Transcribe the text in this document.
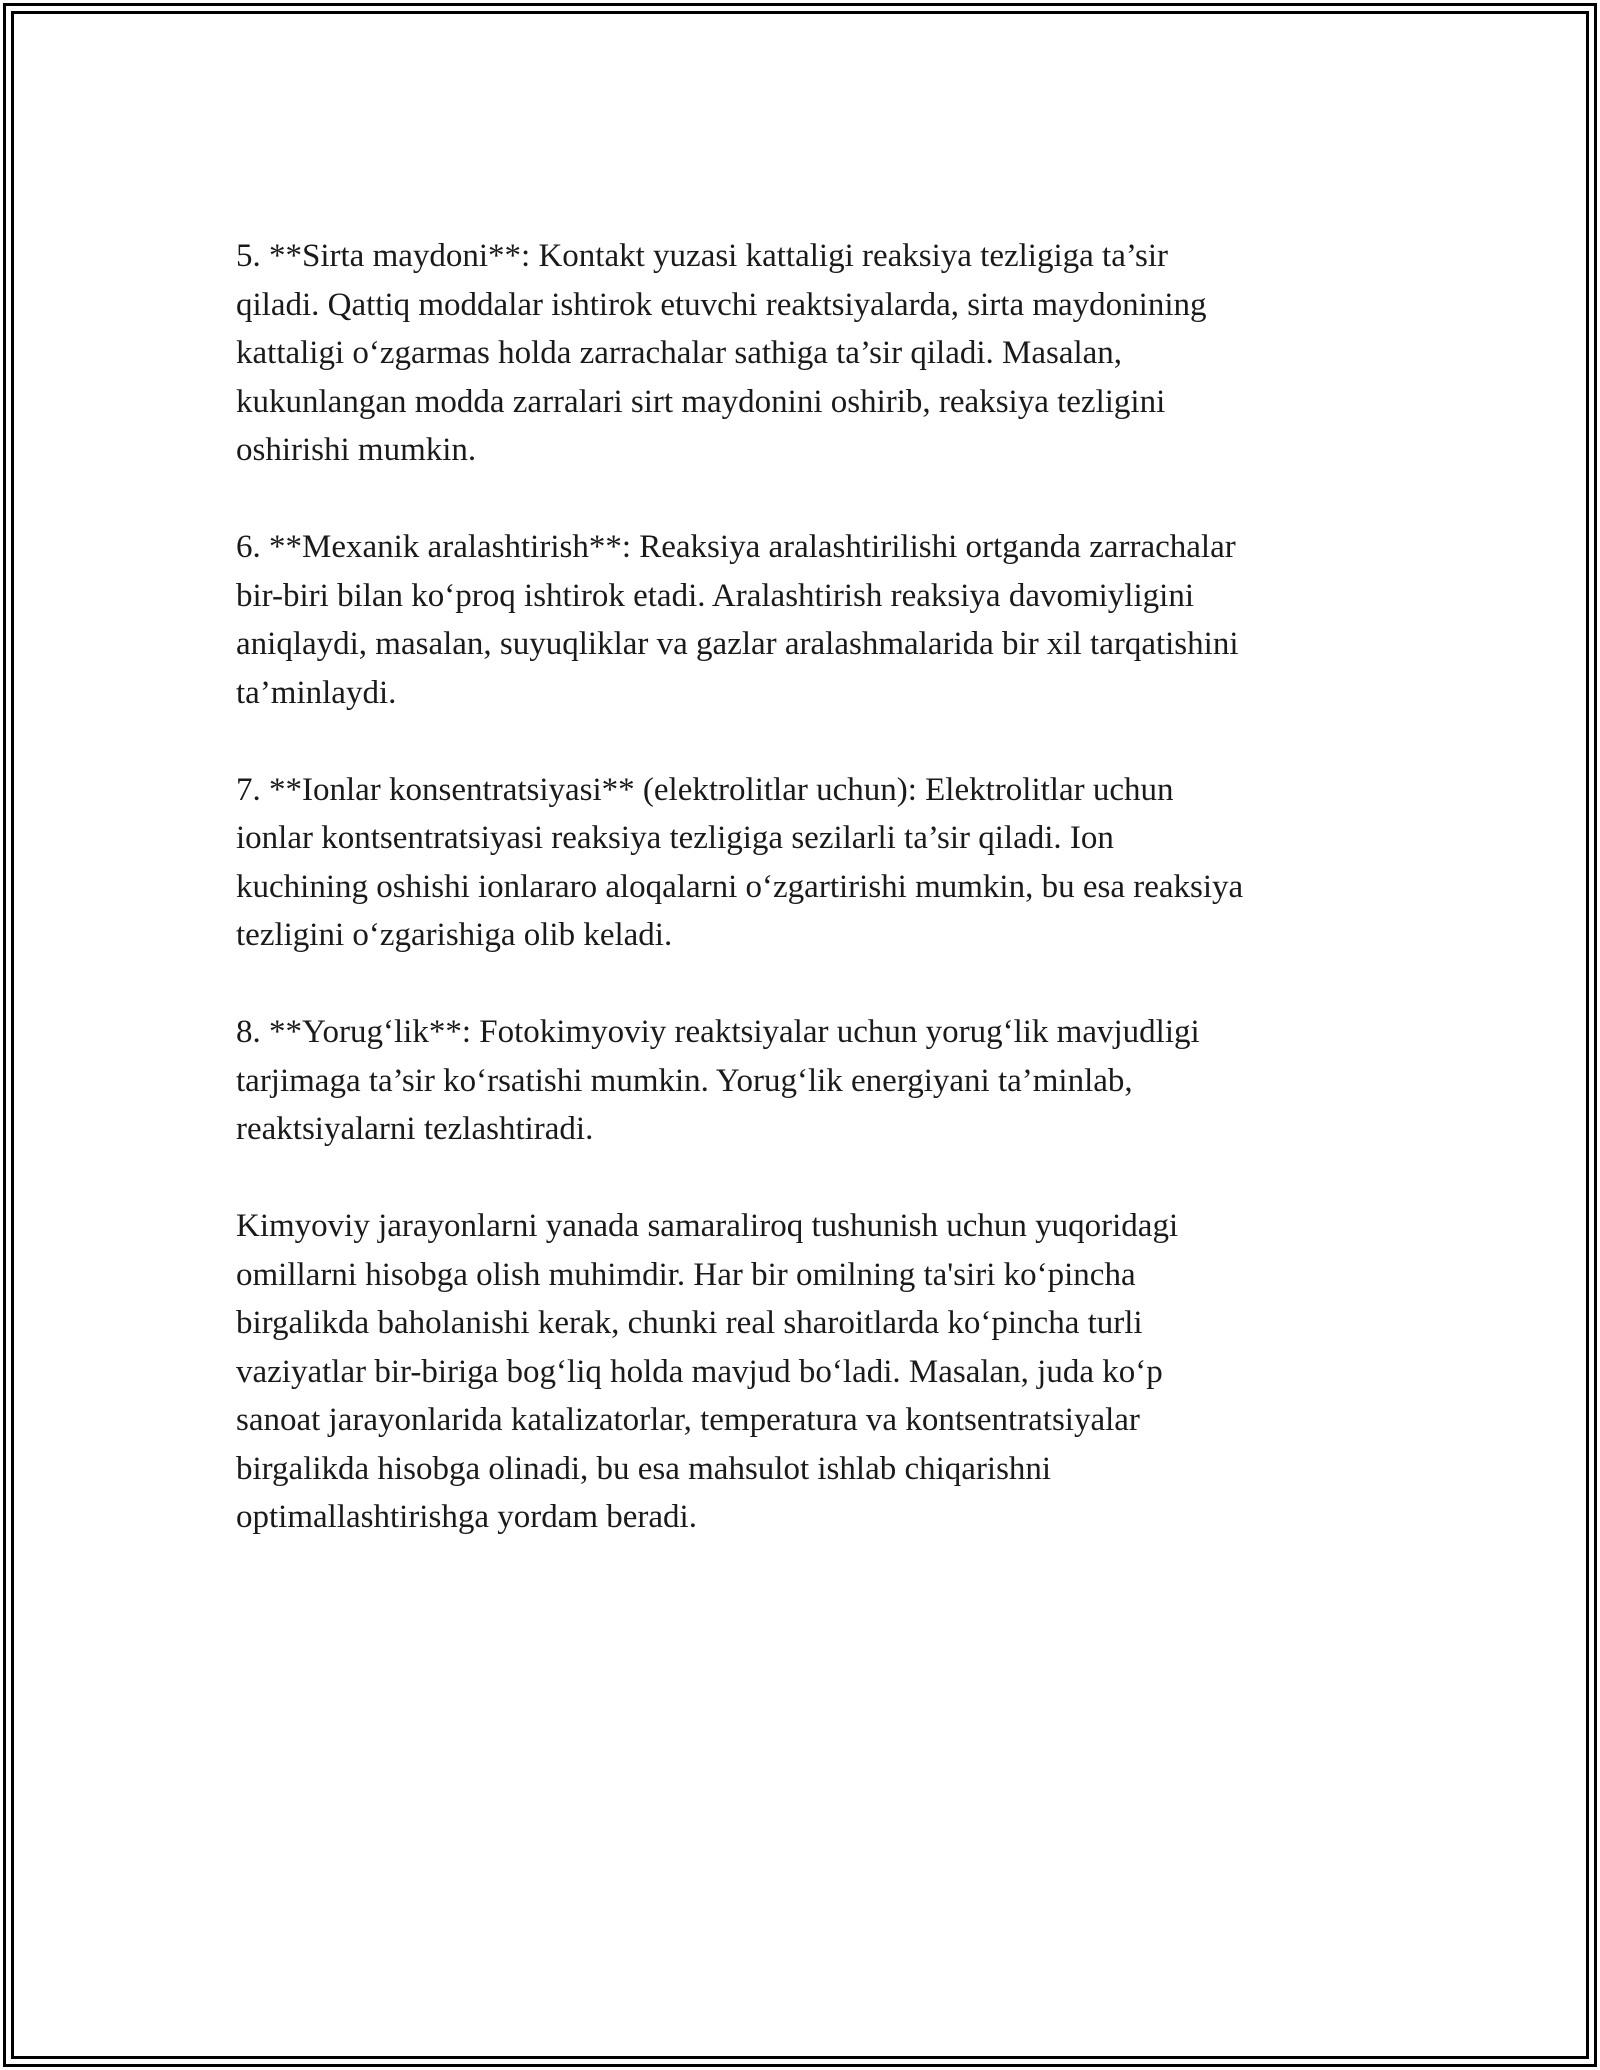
5. **Sirta maydoni**: Kontakt yuzasi kattaligi reaksiya tezligiga ta’sir
qiladi. Qattiq moddalar ishtirok etuvchi reaktsiyalarda, sirta maydonining
kattaligi o‘zgarmas holda zarrachalar sathiga ta’sir qiladi. Masalan,
kukunlangan modda zarralari sirt maydonini oshirib, reaksiya tezligini
oshirishi mumkin.

6. **Mexanik aralashtirish**: Reaksiya aralashtirilishi ortganda zarrachalar
bir-biri bilan ko‘proq ishtirok etadi. Aralashtirish reaksiya davomiyligini
aniqlaydi, masalan, suyuqliklar va gazlar aralashmalarida bir xil tarqatishini
ta’minlaydi.

7. **Ionlar konsentratsiyasi** (elektrolitlar uchun): Elektrolitlar uchun
ionlar kontsentratsiyasi reaksiya tezligiga sezilarli ta’sir qiladi. Ion
kuchining oshishi ionlararo aloqalarni o‘zgartirishi mumkin, bu esa reaksiya
tezligini o‘zgarishiga olib keladi.

8. **Yorug‘lik**: Fotokimyoviy reaktsiyalar uchun yorug‘lik mavjudligi
tarjimaga ta’sir ko‘rsatishi mumkin. Yorug‘lik energiyani ta’minlab,
reaktsiyalarni tezlashtiradi.

Kimyoviy jarayonlarni yanada samaraliroq tushunish uchun yuqoridagi
omillarni hisobga olish muhimdir. Har bir omilning ta'siri ko‘pincha
birgalikda baholanishi kerak, chunki real sharoitlarda ko‘pincha turli
vaziyatlar bir-biriga bog‘liq holda mavjud bo‘ladi. Masalan, juda ko‘p
sanoat jarayonlarida katalizatorlar, temperatura va kontsentratsiyalar
birgalikda hisobga olinadi, bu esa mahsulot ishlab chiqarishni
optimallashtirishga yordam beradi.
